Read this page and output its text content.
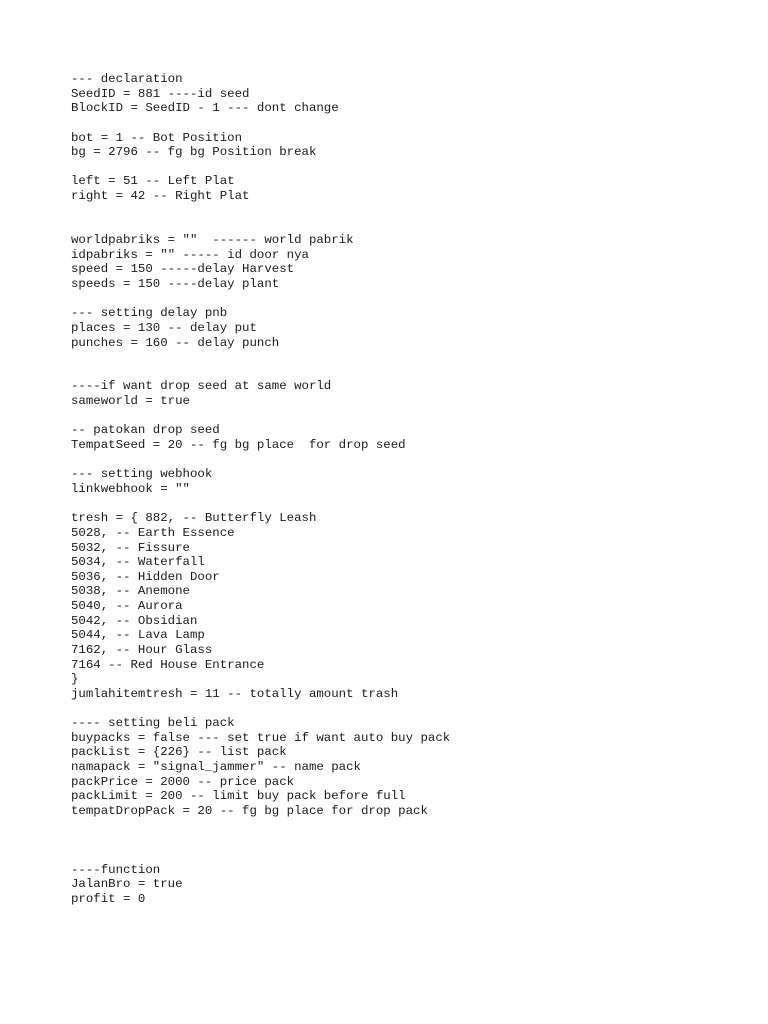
--- declaration
SeedID = 881 ----id seed
BlockID = SeedID - 1 --- dont change
bot = 1 -- Bot Position
bg = 2796 -- fg bg Position break
left = 51 -- Left Plat
right = 42 -- Right Plat
worldpabriks = ""  ------ world pabrik
idpabriks = "" ----- id door nya
speed = 150 -----delay Harvest
speeds = 150 ----delay plant
--- setting delay pnb
places = 130 -- delay put
punches = 160 -- delay punch
----if want drop seed at same world
sameworld = true
-- patokan drop seed
TempatSeed = 20 -- fg bg place  for drop seed
--- setting webhook
linkwebhook = ""
tresh = { 882, -- Butterfly Leash
5028, -- Earth Essence
5032, -- Fissure
5034, -- Waterfall
5036, -- Hidden Door
5038, -- Anemone
5040, -- Aurora
5042, -- Obsidian
5044, -- Lava Lamp
7162, -- Hour Glass
7164 -- Red House Entrance
}
jumlahitemtresh = 11 -- totally amount trash
---- setting beli pack
buypacks = false --- set true if want auto buy pack
packList = {226} -- list pack
namapack = "signal_jammer" -- name pack
packPrice = 2000 -- price pack
packLimit = 200 -- limit buy pack before full
tempatDropPack = 20 -- fg bg place for drop pack
----function
JalanBro = true
profit = 0
